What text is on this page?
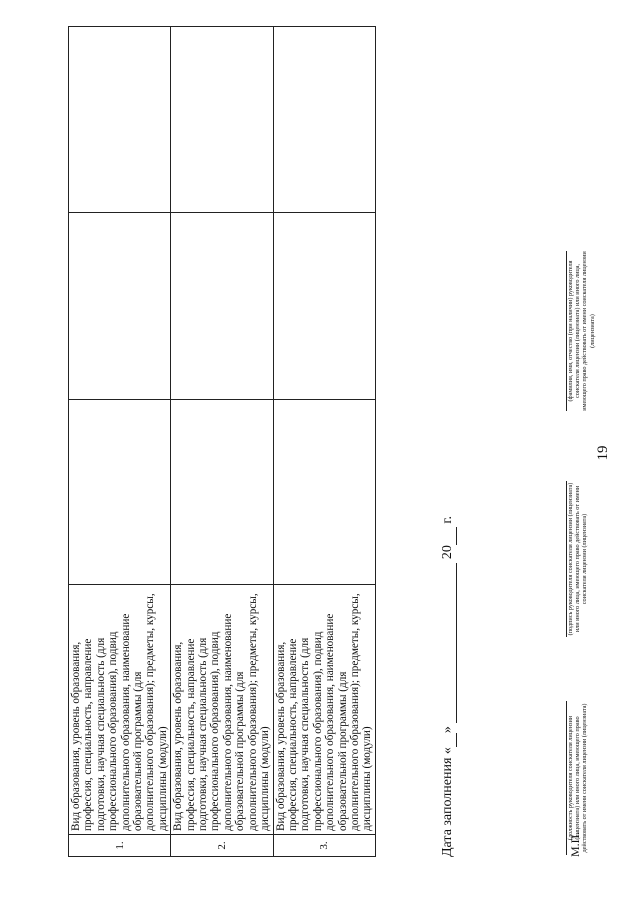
19
1.	Вид образования, уровень образования, профессия, специальность, направление подготовки, научная специальность (для профессионального образования), подвид дополнительного образования, наименование образовательной программы (для дополнительного образования); предметы, курсы, дисциплины (модули)			
2.	Вид образования, уровень образования, профессия, специальность, направление подготовки, научная специальность (для профессионального образования), подвид дополнительного образования, наименование образовательной программы (для дополнительного образования); предметы, курсы, дисциплины (модули)			
3.	Вид образования, уровень образования, профессия, специальность, направление подготовки, научная специальность (для профессионального образования), подвид дополнительного образования, наименование образовательной программы (для дополнительного образования); предметы, курсы, дисциплины (модули)				Дата заполнения « »   20  г.
(должность руководителя соискателя лицензии (лицензиата) или иного лица, имеющего право действовать от имени соискателя лицензии (лицензиата)
(подпись руководителя соискателя лицензии (лицензиата) или иного лица, имеющего право действовать от имени соискателя лицензии (лицензиата)
(фамилия, имя, отчество (при наличии) руководителя соискателя лицензии (лицензиата) или иного лица, имеющего право действовать от имени соискателя лицензии (лицензиата)
М.П.
